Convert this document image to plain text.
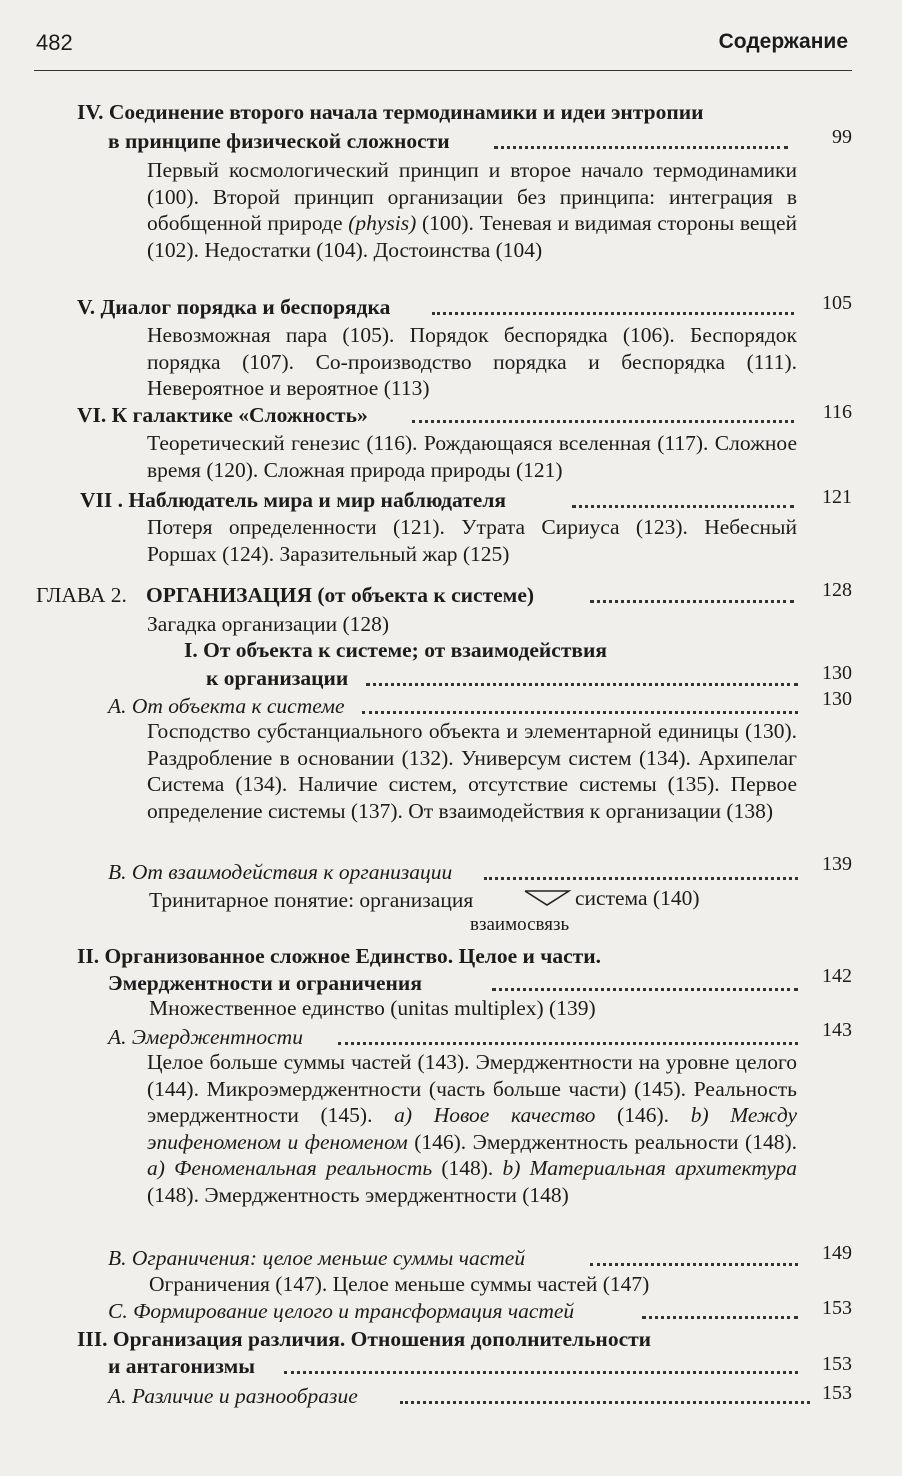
482	Содержание
IV. Соединение второго начала термодинамики и идеи энтропии
в принципе физической сложности	99
Первый космологический принцип и второе начало термодинамики (100). Второй принцип организации без принципа: интеграция в обобщенной природе (physis) (100). Теневая и видимая стороны вещей (102). Недостатки (104). Достоинства (104)
V. Диалог порядка и беспорядка	105
Невозможная пара (105). Порядок беспорядка (106). Беспорядок порядка (107). Со-производство порядка и беспорядка (111). Невероятное и вероятное (113)
VI. К галактике «Сложность»	116
Теоретический генезис (116). Рождающаяся вселенная (117). Сложное время (120). Сложная природа природы (121)
VII . Наблюдатель мира и мир наблюдателя	121
Потеря определенности (121). Утрата Сириуса (123). Небесный Роршах (124). Заразительный жар (125)
ГЛАВА 2. ОРГАНИЗАЦИЯ (от объекта к системе)	128
Загадка организации (128)
I. От объекта к системе; от взаимодействия
к организации	130
А. От объекта к системе	130
Господство субстанциального объекта и элементарной единицы (130). Раздробление в основании (132). Универсум систем (134). Архипелаг Система (134). Наличие систем, отсутствие системы (135). Первое определение системы (137). От взаимодействия к организации (138)
B. От взаимодействия к организации	139
Тринитарное понятие: организация	система (140)
взаимосвязь
II. Организованное сложное Единство. Целое и части.
Эмерджентности и ограничения	142
Множественное единство (unitas multiplex) (139)
А. Эмерджентности	143
Целое больше суммы частей (143). Эмерджентности на уровне целого (144). Микроэмерджентности (часть больше части) (145). Реальность эмерджентности (145). a) Новое качество (146). b) Между эпифеноменом и феноменом (146). Эмерджентность реальности (148). a) Феноменальная реальность (148). b) Материальная архитектура (148). Эмерджентность эмерджентности (148)
B. Ограничения: целое меньше суммы частей	149
Ограничения (147). Целое меньше суммы частей (147)
С. Формирование целого и трансформация частей	153
III. Организация различия. Отношения дополнительности
и антагонизмы	153
А. Различие и разнообразие	153
